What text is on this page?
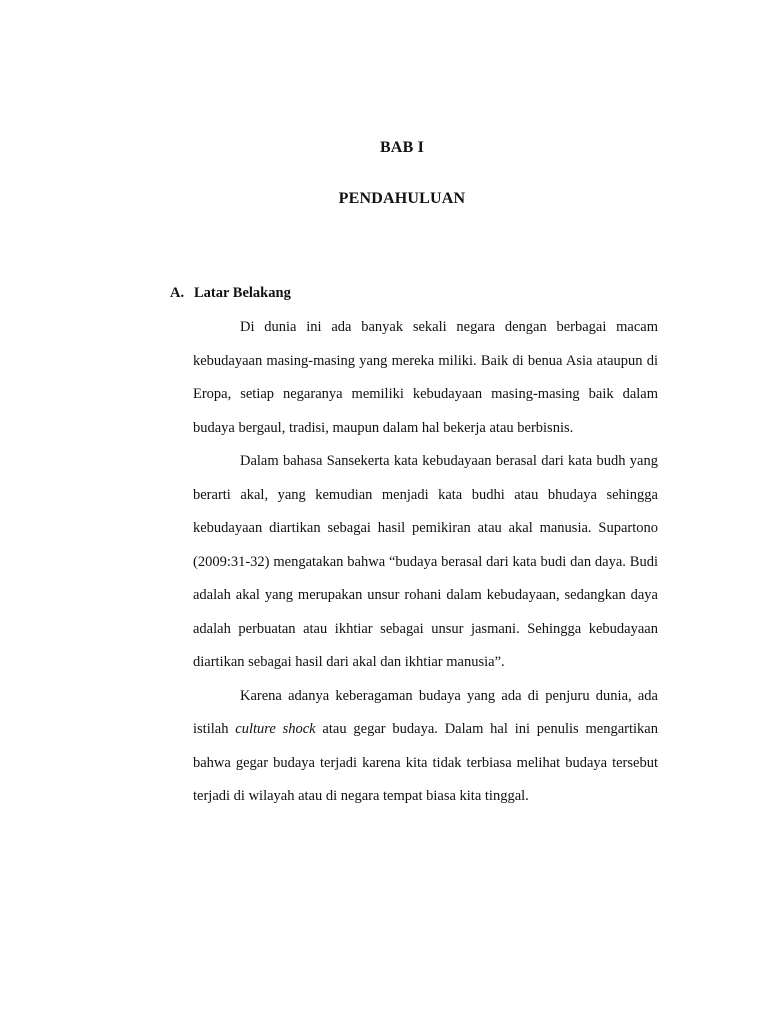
BAB I
PENDAHULUAN
A. Latar Belakang

Di dunia ini ada banyak sekali negara dengan berbagai macam kebudayaan masing-masing yang mereka miliki. Baik di benua Asia ataupun di Eropa, setiap negaranya memiliki kebudayaan masing-masing baik dalam budaya bergaul, tradisi, maupun dalam hal bekerja atau berbisnis.

Dalam bahasa Sansekerta kata kebudayaan berasal dari kata budh yang berarti akal, yang kemudian menjadi kata budhi atau bhudaya sehingga kebudayaan diartikan sebagai hasil pemikiran atau akal manusia. Supartono (2009:31-32) mengatakan bahwa “budaya berasal dari kata budi dan daya. Budi adalah akal yang merupakan unsur rohani dalam kebudayaan, sedangkan daya adalah perbuatan atau ikhtiar sebagai unsur jasmani. Sehingga kebudayaan diartikan sebagai hasil dari akal dan ikhtiar manusia”.

Karena adanya keberagaman budaya yang ada di penjuru dunia, ada istilah culture shock atau gegar budaya. Dalam hal ini penulis mengartikan bahwa gegar budaya terjadi karena kita tidak terbiasa melihat budaya tersebut terjadi di wilayah atau di negara tempat biasa kita tinggal.
